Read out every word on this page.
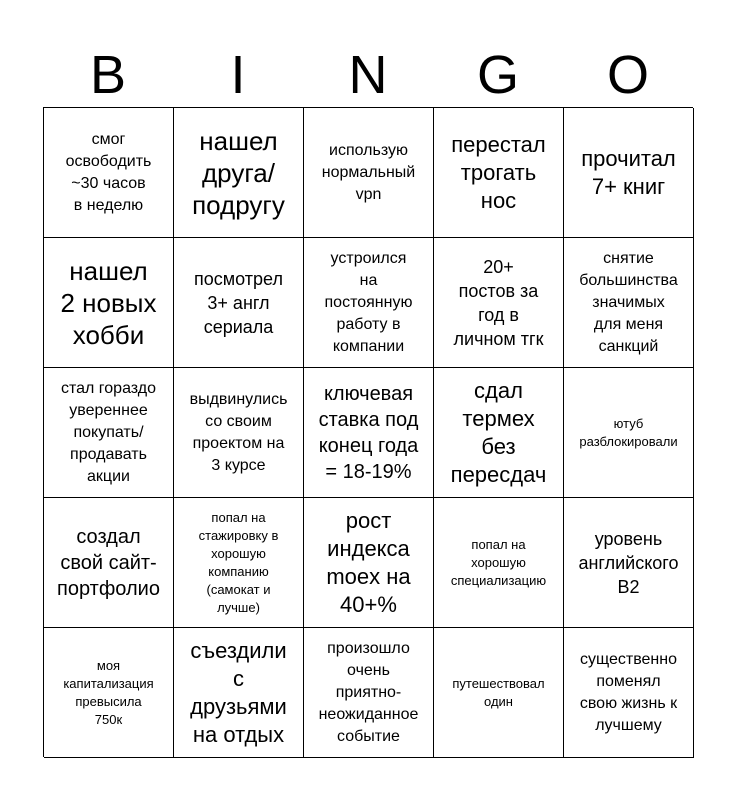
B	I	N	G	O
смог
освободить
~30 часов
в неделю
нашел
друга/
подругу
использую
нормальный
vpn
перестал
трогать
нос
прочитал
7+ книг
нашел
2 новых
хобби
посмотрел
3+ англ
сериала
устроился
на
постоянную
работу в
компании
20+
постов за
год в
личном тгк
снятие
большинства
значимых
для меня
санкций
стал гораздо
увереннее
покупать/
продавать
акции
выдвинулись
со своим
проектом на
3 курсе
ключевая
ставка под
конец года
= 18-19%
сдал
термех
без
пересдач
ютуб
разблокировали
создал
свой сайт-
портфолио
попал на
стажировку в
хорошую
компанию
(самокат и
лучше)
рост
индекса
moex на
40+%
попал на
хорошую
специализацию
уровень
английского
B2
моя
капитализация
превысила
750к
съездили
с
друзьями
на отдых
произошло
очень
приятно-
неожиданное
событие
путешествовал
один
существенно
поменял
свою жизнь к
лучшему
